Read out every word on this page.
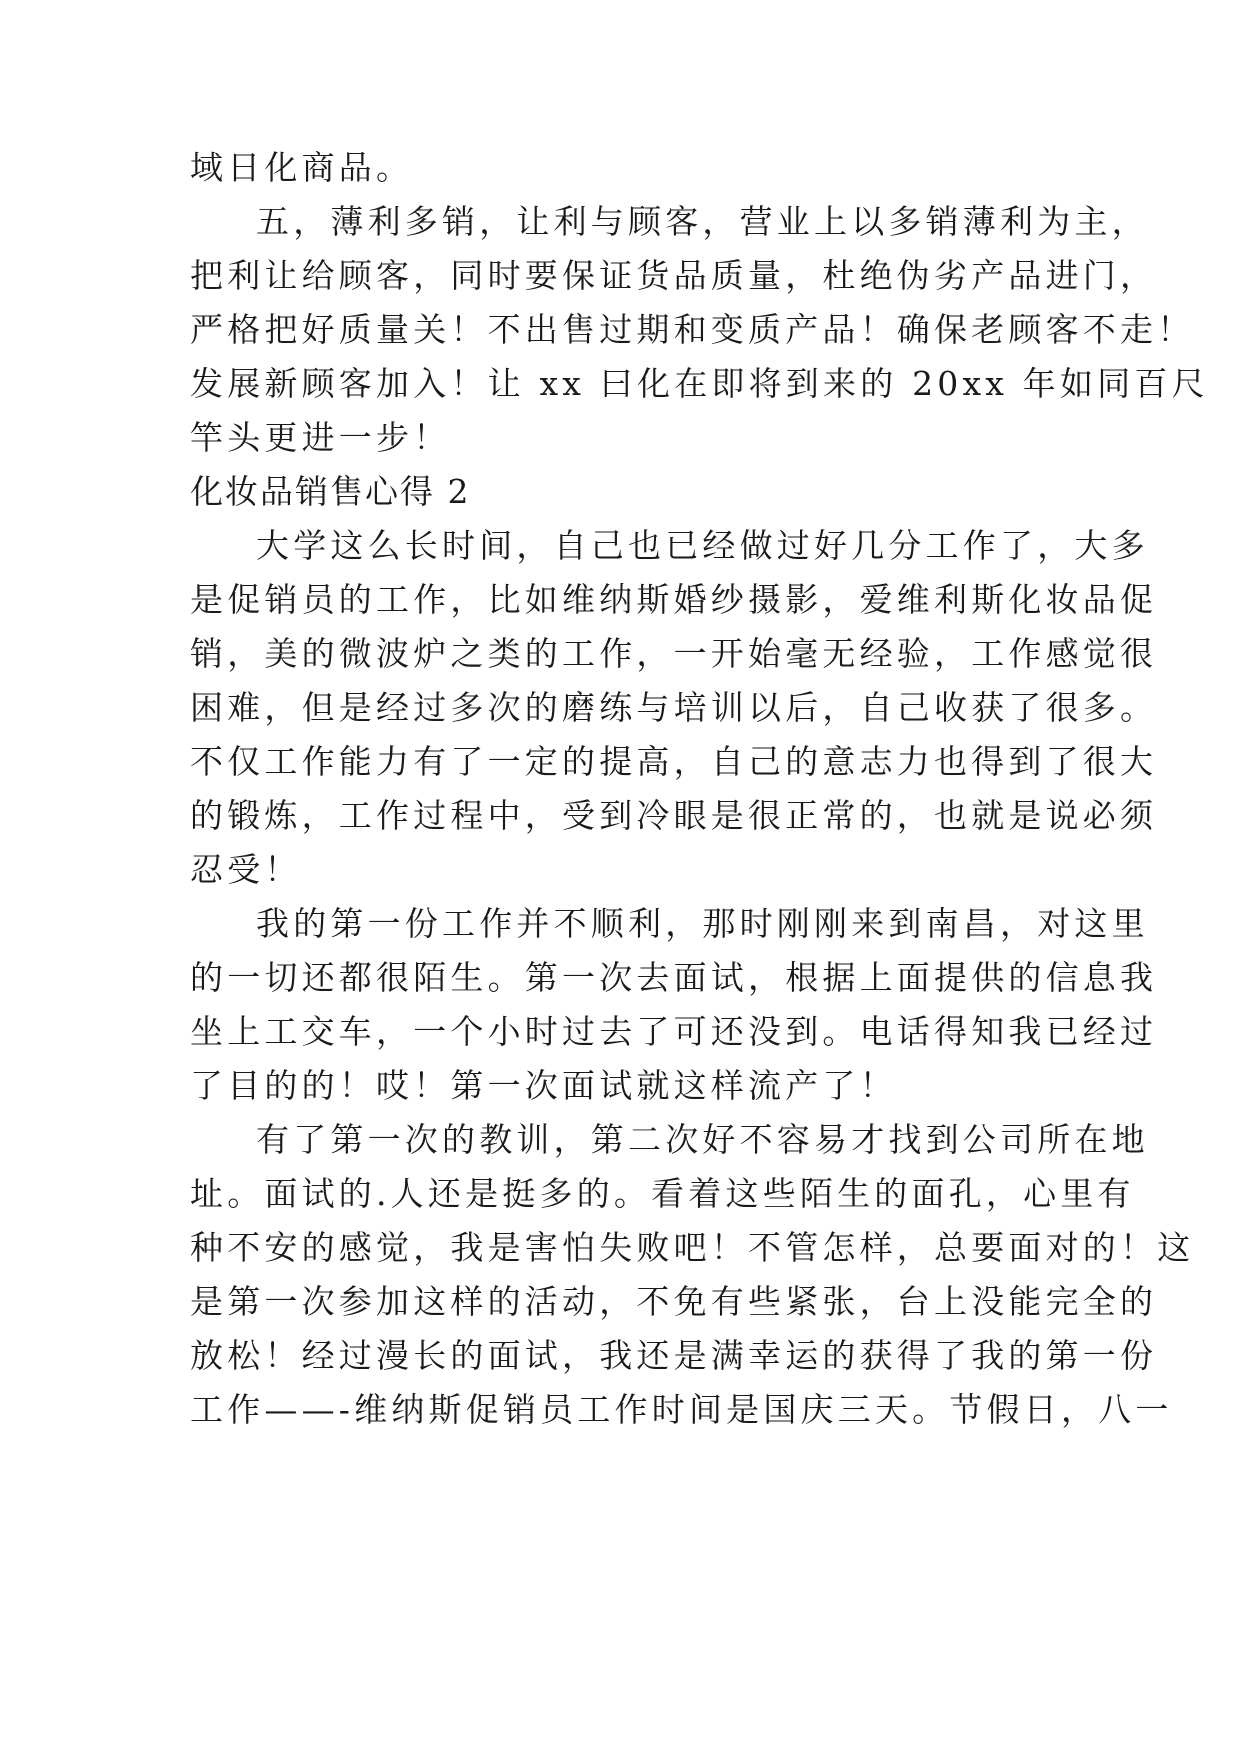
域日化商品。
五，薄利多销，让利与顾客，营业上以多销薄利为主，
把利让给顾客，同时要保证货品质量，杜绝伪劣产品进门，
严格把好质量关！不出售过期和变质产品！确保老顾客不走！
发展新顾客加入！让 xx 曰化在即将到来的 20xx 年如同百尺
竿头更进一步！
化妆品销售心得 2
大学这么长时间，自己也已经做过好几分工作了，大多
是促销员的工作，比如维纳斯婚纱摄影，爱维利斯化妆品促
销，美的微波炉之类的工作，一开始毫无经验，工作感觉很
困难，但是经过多次的磨练与培训以后，自己收获了很多。
不仅工作能力有了一定的提高，自己的意志力也得到了很大
的锻炼，工作过程中，受到冷眼是很正常的，也就是说必须
忍受！
我的第一份工作并不顺利，那时刚刚来到南昌，对这里
的一切还都很陌生。第一次去面试，根据上面提供的信息我
坐上工交车，一个小时过去了可还没到。电话得知我已经过
了目的的！哎！第一次面试就这样流产了！
有了第一次的教训，第二次好不容易才找到公司所在地
址。面试的.人还是挺多的。看着这些陌生的面孔，心里有
种不安的感觉，我是害怕失败吧！不管怎样，总要面对的！这
是第一次参加这样的活动，不免有些紧张，台上没能完全的
放松！经过漫长的面试，我还是满幸运的获得了我的第一份
工作——-维纳斯促销员工作时间是国庆三天。节假日，八一
